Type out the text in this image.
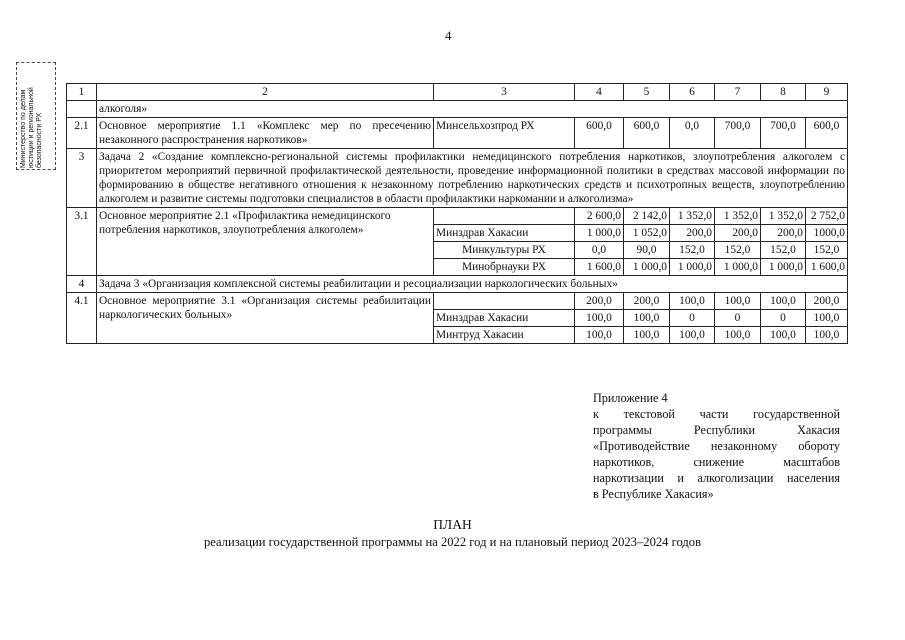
4
Министерство по делам юстиции и региональной безопасности РХ
1	2	3	4	5	6	7	8	9
	алкоголя»							
2.1	Основное мероприятие 1.1 «Комплекс мер по пресечению незаконного распространения наркотиков»	Минсельхозпрод РХ	600,0	600,0	0,0	700,0	700,0	600,0
3	Задача 2 «Создание комплексно-региональной системы профилактики немедицинского потребления наркотиков, злоупотребления алкоголем с приоритетом мероприятий первичной профилактической деятельности, проведение информационной политики в средствах массовой информации по формированию в обществе негативного отношения к незаконному потреблению наркотических средств и психотропных веществ, злоупотреблению алкоголем и развитие системы подготовки специалистов в области профилактики наркомании и алкоголизма»							
3.1	Основное мероприятие 2.1 «Профилактика немедицинского потребления наркотиков, злоупотребления алкоголем»		2 600,0	2 142,0	1 352,0	1 352,0	1 352,0	2 752,0
		Минздрав Хакасии	1 000,0	1 052,0	200,0	200,0	200,0	1000,0
		Минкультуры РХ	0,0	90,0	152,0	152,0	152,0	152,0
		Минобрнауки РХ	1 600,0	1 000,0	1 000,0	1 000,0	1 000,0	1 600,0
4	Задача 3 «Организация комплексной системы реабилитации и ресоциализации наркологических больных»							
4.1	Основное мероприятие 3.1 «Организация системы реабилитации наркологических больных»		200,0	200,0	100,0	100,0	100,0	200,0
		Минздрав Хакасии	100,0	100,0	0	0	0	100,0
		Минтруд Хакасии	100,0	100,0	100,0	100,0	100,0	100,0
Приложение 4
к текстовой части государственной
программы Республики Хакасия
«Противодействие незаконному обороту
наркотиков, снижение масштабов
наркотизации и алкоголизации населения
в Республике Хакасия»
ПЛАН
реализации государственной программы на 2022 год и на плановый период 2023–2024 годов
